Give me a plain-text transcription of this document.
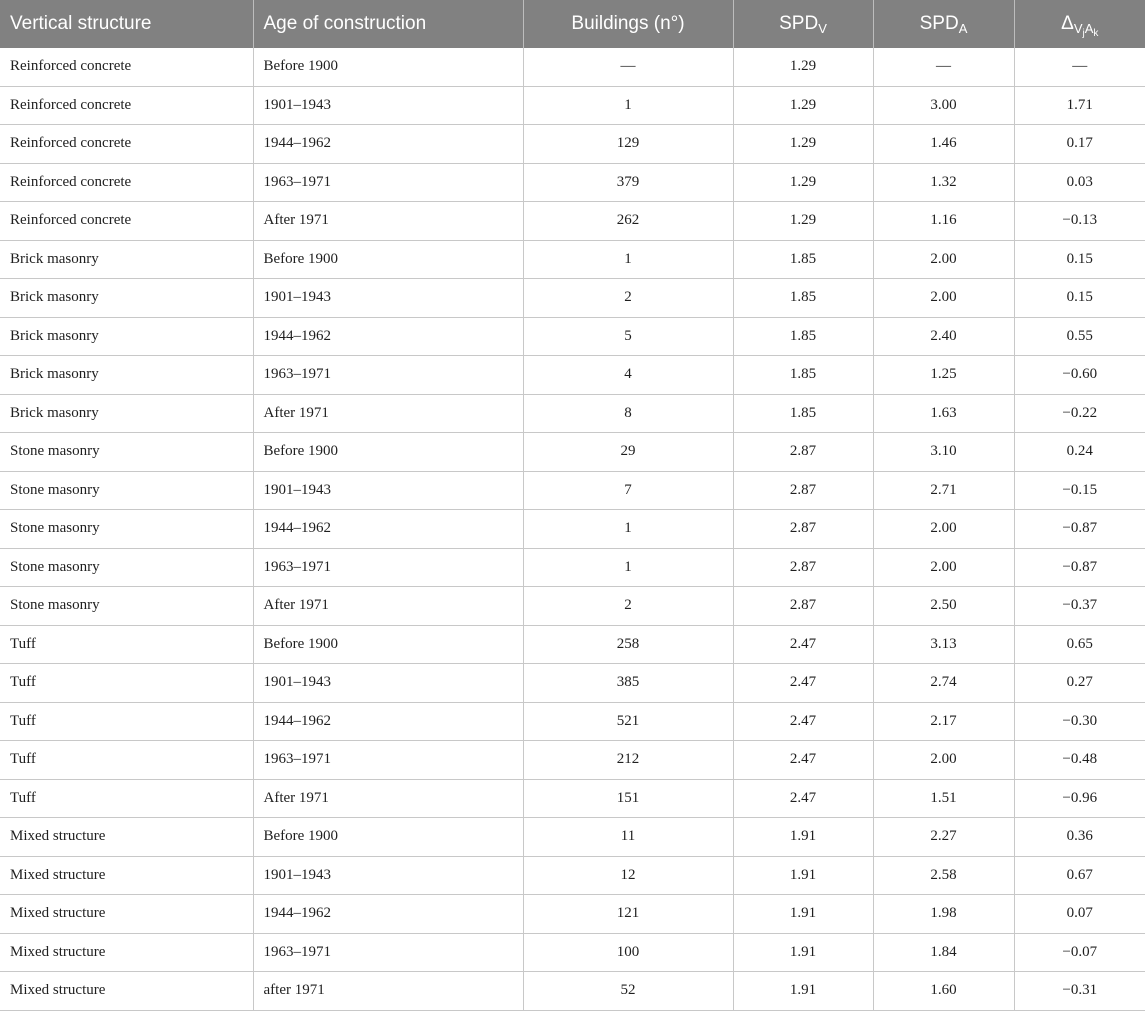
Vertical structure	Age of construction	Buildings (n°)	$SPD_V$	$SPD_A$	$\Delta_{V_jA_k}$
Reinforced concrete	Before 1900	—	1.29	—	—
Reinforced concrete	1901–1943	1	1.29	3.00	1.71
Reinforced concrete	1944–1962	129	1.29	1.46	0.17
Reinforced concrete	1963–1971	379	1.29	1.32	0.03
Reinforced concrete	After 1971	262	1.29	1.16	−0.13
Brick masonry	Before 1900	1	1.85	2.00	0.15
Brick masonry	1901–1943	2	1.85	2.00	0.15
Brick masonry	1944–1962	5	1.85	2.40	0.55
Brick masonry	1963–1971	4	1.85	1.25	−0.60
Brick masonry	After 1971	8	1.85	1.63	−0.22
Stone masonry	Before 1900	29	2.87	3.10	0.24
Stone masonry	1901–1943	7	2.87	2.71	−0.15
Stone masonry	1944–1962	1	2.87	2.00	−0.87
Stone masonry	1963–1971	1	2.87	2.00	−0.87
Stone masonry	After 1971	2	2.87	2.50	−0.37
Tuff	Before 1900	258	2.47	3.13	0.65
Tuff	1901–1943	385	2.47	2.74	0.27
Tuff	1944–1962	521	2.47	2.17	−0.30
Tuff	1963–1971	212	2.47	2.00	−0.48
Tuff	After 1971	151	2.47	1.51	−0.96
Mixed structure	Before 1900	11	1.91	2.27	0.36
Mixed structure	1901–1943	12	1.91	2.58	0.67
Mixed structure	1944–1962	121	1.91	1.98	0.07
Mixed structure	1963–1971	100	1.91	1.84	−0.07
Mixed structure	after 1971	52	1.91	1.60	−0.31
